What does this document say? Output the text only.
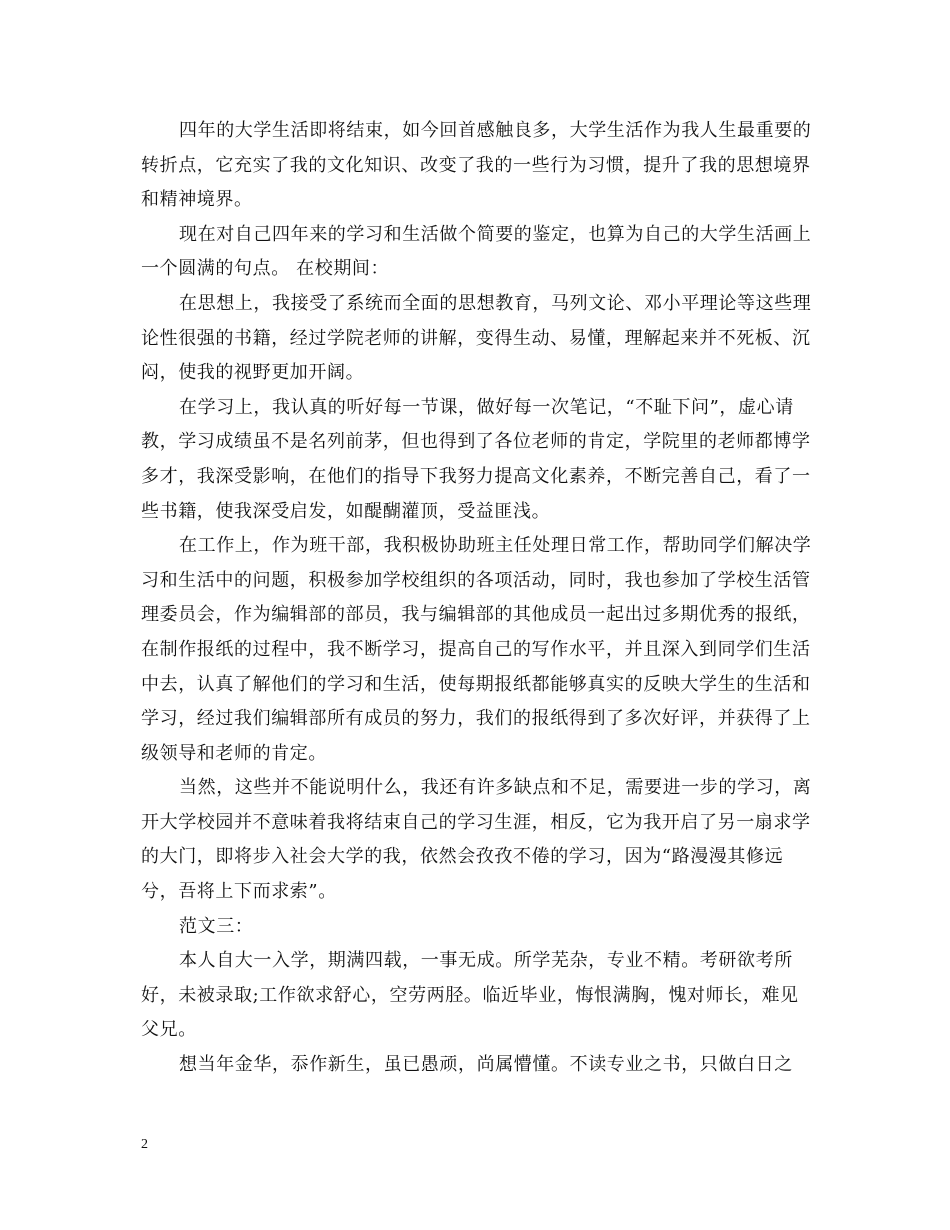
四年的大学生活即将结束，如今回首感触良多，大学生活作为我人生最重要的转折点，它充实了我的文化知识、改变了我的一些行为习惯，提升了我的思想境界和精神境界。

现在对自己四年来的学习和生活做个简要的鉴定，也算为自己的大学生活画上一个圆满的句点。 在校期间：

在思想上，我接受了系统而全面的思想教育，马列文论、邓小平理论等这些理论性很强的书籍，经过学院老师的讲解，变得生动、易懂，理解起来并不死板、沉闷，使我的视野更加开阔。

在学习上，我认真的听好每一节课，做好每一次笔记，“不耻下问”，虚心请教，学习成绩虽不是名列前茅，但也得到了各位老师的肯定，学院里的老师都博学多才，我深受影响，在他们的指导下我努力提高文化素养，不断完善自己，看了一些书籍，使我深受启发，如醍醐灌顶，受益匪浅。

在工作上，作为班干部，我积极协助班主任处理日常工作，帮助同学们解决学习和生活中的问题，积极参加学校组织的各项活动，同时，我也参加了学校生活管理委员会，作为编辑部的部员，我与编辑部的其他成员一起出过多期优秀的报纸，在制作报纸的过程中，我不断学习，提高自己的写作水平，并且深入到同学们生活中去，认真了解他们的学习和生活，使每期报纸都能够真实的反映大学生的生活和学习，经过我们编辑部所有成员的努力，我们的报纸得到了多次好评，并获得了上级领导和老师的肯定。

当然，这些并不能说明什么，我还有许多缺点和不足，需要进一步的学习，离开大学校园并不意味着我将结束自己的学习生涯，相反，它为我开启了另一扇求学的大门，即将步入社会大学的我，依然会孜孜不倦的学习，因为“路漫漫其修远兮，吾将上下而求索”。

范文三：

本人自大一入学，期满四载，一事无成。所学芜杂，专业不精。考研欲考所好，未被录取;工作欲求舒心，空劳两胫。临近毕业，悔恨满胸，愧对师长，难见父兄。

想当年金华，忝作新生，虽已愚顽，尚属懵懂。不读专业之书，只做白日之

2
